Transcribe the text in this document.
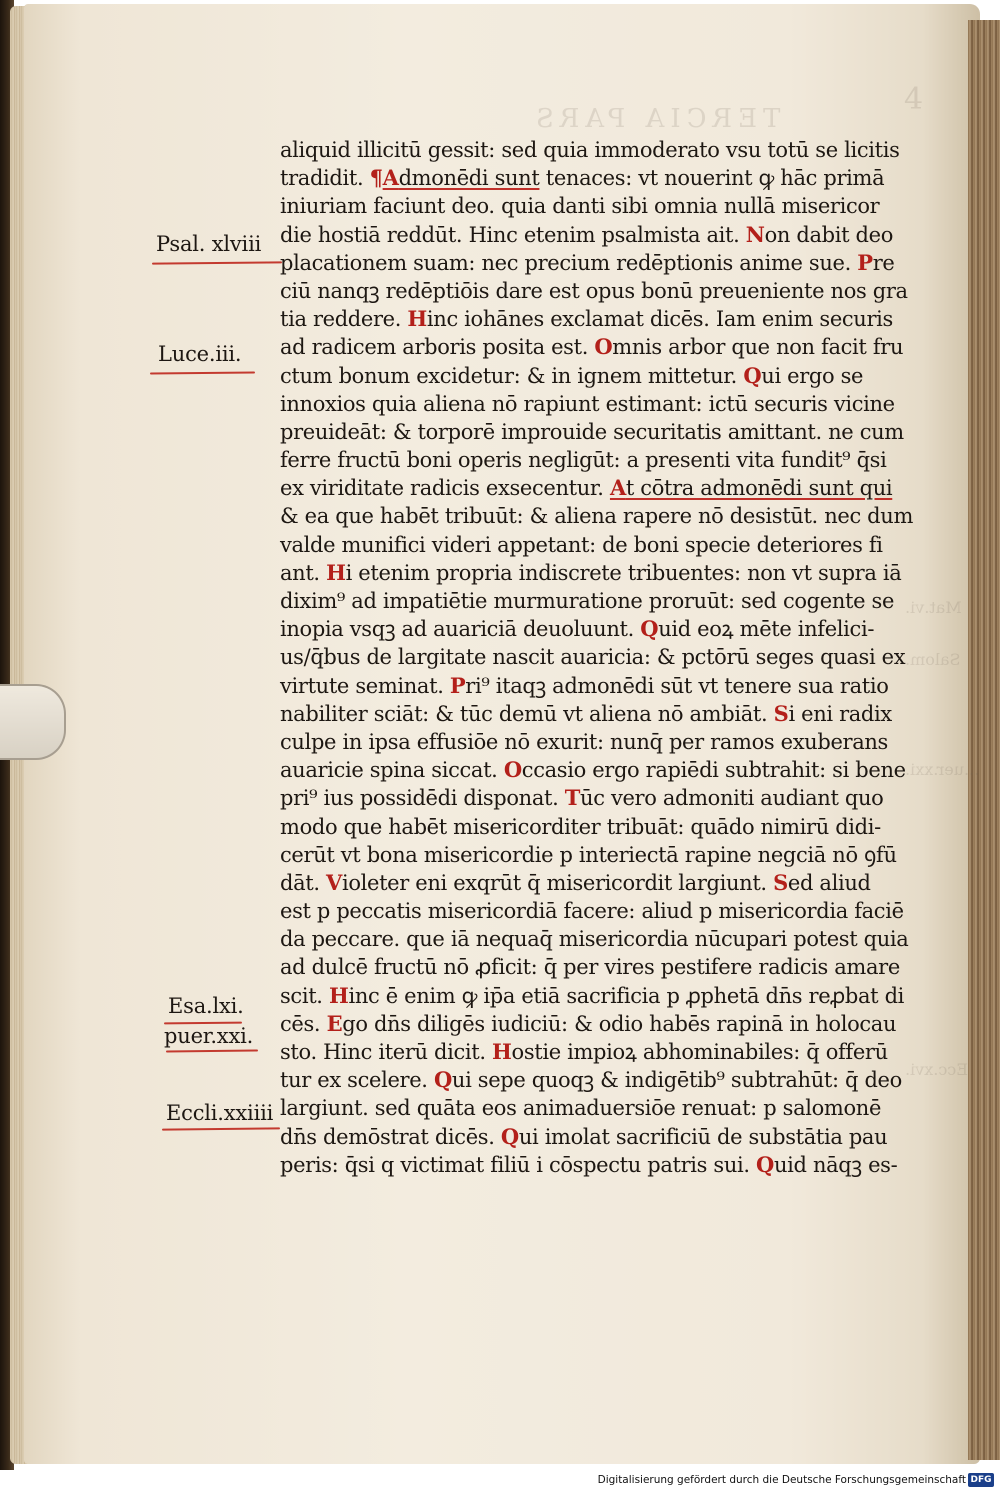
TERCIA PARS
4
Mat.vi.
Salom.
...uer.xxi.
Ecc.xvi.
Psal. xlviii
Luce.iii.
Esa.lxi.
puer.xxi.
Eccli.xxiiii
aliquid illicitū gessit: sed quia immoderato vsu totū se licitis
tradidit. ¶Admonēdi sunt tenaces: vt nouerint ꝙ hāc primā
iniuriam faciunt deo. quia danti sibi omnia nullā misericor
die hostiā reddūt. Hinc etenim psalmista ait. Non dabit deo
placationem suam: nec precium redēptionis anime sue. Pre
ciū nanqꝫ redēptiōis dare est opus bonū preueniente nos gra
tia reddere. Hinc iohānes exclamat dicēs. Iam enim securis
ad radicem arboris posita est. Omnis arbor que non facit fru
ctum bonum excidetur: & in ignem mittetur. Qui ergo se
innoxios quia aliena nō rapiunt estimant: ictū securis vicine
preuideāt: & torporē improuide securitatis amittant. ne cum
ferre fructū boni operis negligūt: a presenti vita fundit⁹ q̄si
ex viriditate radicis exsecentur. At cōtra admonēdi sunt qui
& ea que habēt tribuūt: & aliena rapere nō desistūt. nec dum
valde munifici videri appetant: de boni specie deteriores fi
ant. Hi etenim propria indiscrete tribuentes: non vt supra iā
dixim⁹ ad impatiētie murmuratione proruūt: sed cogente se
inopia vsqꝫ ad auariciā deuoluunt. Quid eoꝝ mēte infelici-
us/q̄bus de largitate nascit auaricia: & pctōrū seges quasi ex
virtute seminat. Pri⁹ itaqꝫ admonēdi sūt vt tenere sua ratio
nabiliter sciāt: & tūc demū vt aliena nō ambiāt. Si eni radix
culpe in ipsa effusiōe nō exurit: nunq̄ per ramos exuberans
auaricie spina siccat. Occasio ergo rapiēdi subtrahit: si bene
pri⁹ ius possidēdi disponat. Tūc vero admoniti audiant quo
modo que habēt misericorditer tribuāt: quādo nimirū didi-
cerūt vt bona misericordie p interiectā rapine negciā nō ꝯfū
dāt. Violeter eni exqrūt q̄ misericordit largiunt. Sed aliud
est p peccatis misericordiā facere: aliud p misericordia faciē
da peccare. que iā nequaq̄ misericordia nūcupari potest quia
ad dulcē fructū nō ꝓficit: q̄ per vires pestifere radicis amare
scit. Hinc ē enim ꝙ ip̄a etiā sacrificia p ꝓphetā dn̄s reꝓbat di
cēs. Ego dn̄s diligēs iudiciū: & odio habēs rapinā in holocau
sto. Hinc iterū dicit. Hostie impioꝝ abhominabiles: q̄ offerū
tur ex scelere. Qui sepe quoqꝫ & indigētib⁹ subtrahūt: q̄ deo
largiunt. sed quāta eos animaduersiōe renuat: p salomonē
dn̄s demōstrat dicēs. Qui imolat sacrificiū de substātia pau
peris: q̄si q victimat filiū i cōspectu patris sui. Quid nāqꝫ es-
Digitalisierung gefördert durch die Deutsche Forschungsgemeinschaft DFG
